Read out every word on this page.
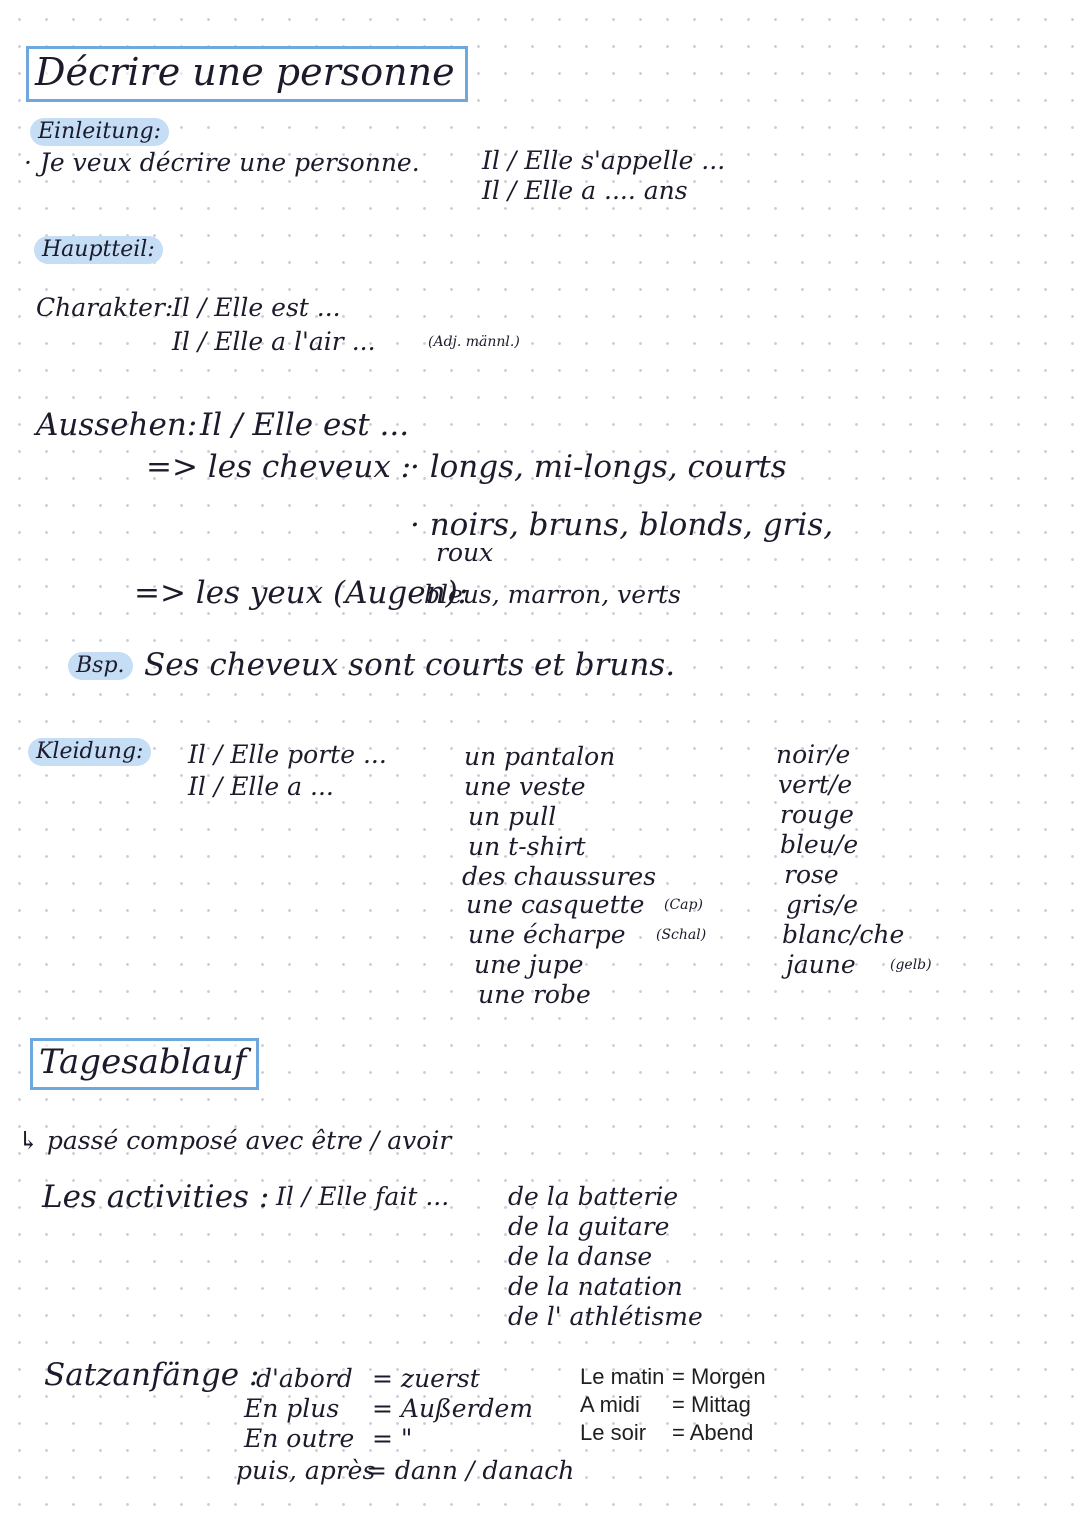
Décrire une personne
Einleitung:
· Je veux décrire une personne. Il / Elle s'appelle ...
Il / Elle a .... ans
Hauptteil:
Charakter:
Il / Elle est ...
Il / Elle a l'air ...	(Adj. männl.)
Aussehen: Il / Elle est ...
=> les cheveux :
· longs, mi-longs, courts
· noirs, bruns, blonds, gris,
roux
=> les yeux (Augen):
bleus, marron, verts
Bsp. Ses cheveux sont courts et bruns.
Kleidung:	Il / Elle porte ...
Il / Elle a ...
un pantalon
une veste
un pull
un t-shirt
des chaussures
une casquette (Cap)
une écharpe (Schal)
une jupe
une robe
noir/e
vert/e
rouge
bleu/e
rose
gris/e
blanc/che
jaune (gelb)
Tagesablauf
↳ passé composé avec être / avoir
Les activities : Il / Elle fait ... de la batterie
de la guitare
de la danse
de la natation
de l' athlétisme
Satzanfänge :
d'abord = zuerst
En plus = Außerdem
En outre = "
puis, après
= dann / danach
Le matin = Morgen
A midi = Mittag
Le soir = Abend
